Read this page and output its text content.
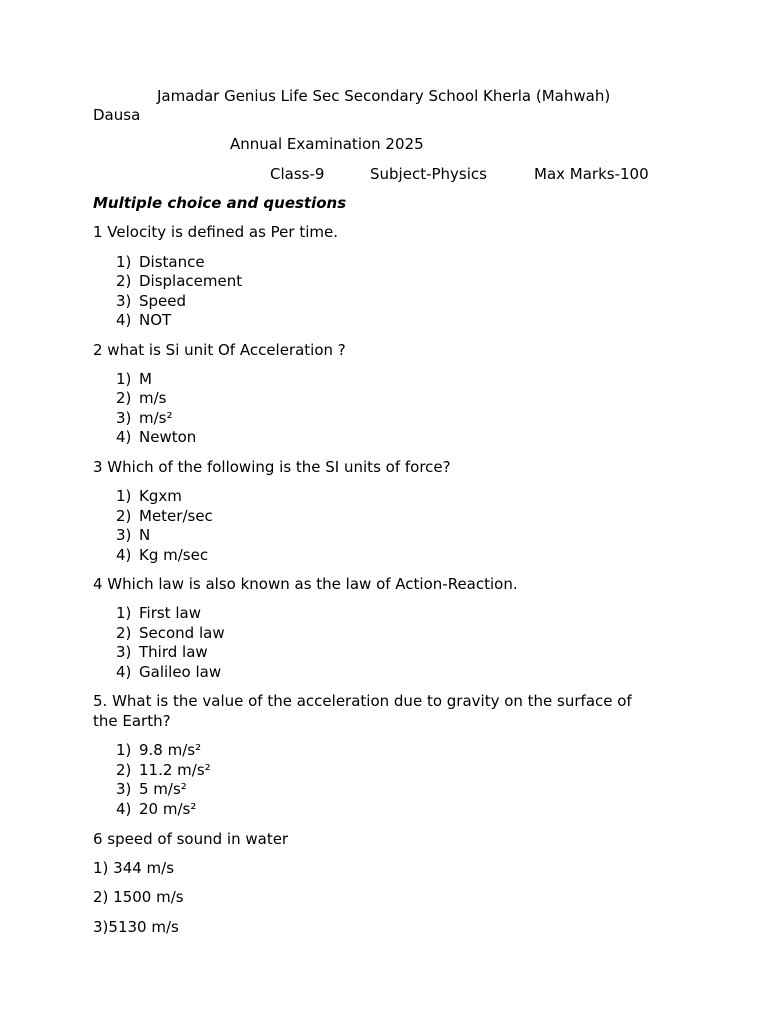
Jamadar Genius Life Sec Secondary School Kherla (Mahwah)
Dausa
Annual Examination 2025
Class-9	Subject-Physics	Max Marks-100
Multiple choice and questions
1 Velocity is defined as Per time.
1) Distance
2) Displacement
3) Speed
4) NOT
2 what is Si unit Of Acceleration ?
1) M
2) m/s
3) m/s²
4) Newton
3 Which of the following is the SI units of force?
1) Kgxm
2) Meter/sec
3) N
4) Kg m/sec
4 Which law is also known as the law of Action-Reaction.
1) First law
2) Second law
3) Third law
4) Galileo law
5. What is the value of the acceleration due to gravity on the surface of
the Earth?
1) 9.8 m/s²
2) 11.2 m/s²
3) 5 m/s²
4) 20 m/s²
6 speed of sound in water
1) 344 m/s
2) 1500 m/s
3)5130 m/s
